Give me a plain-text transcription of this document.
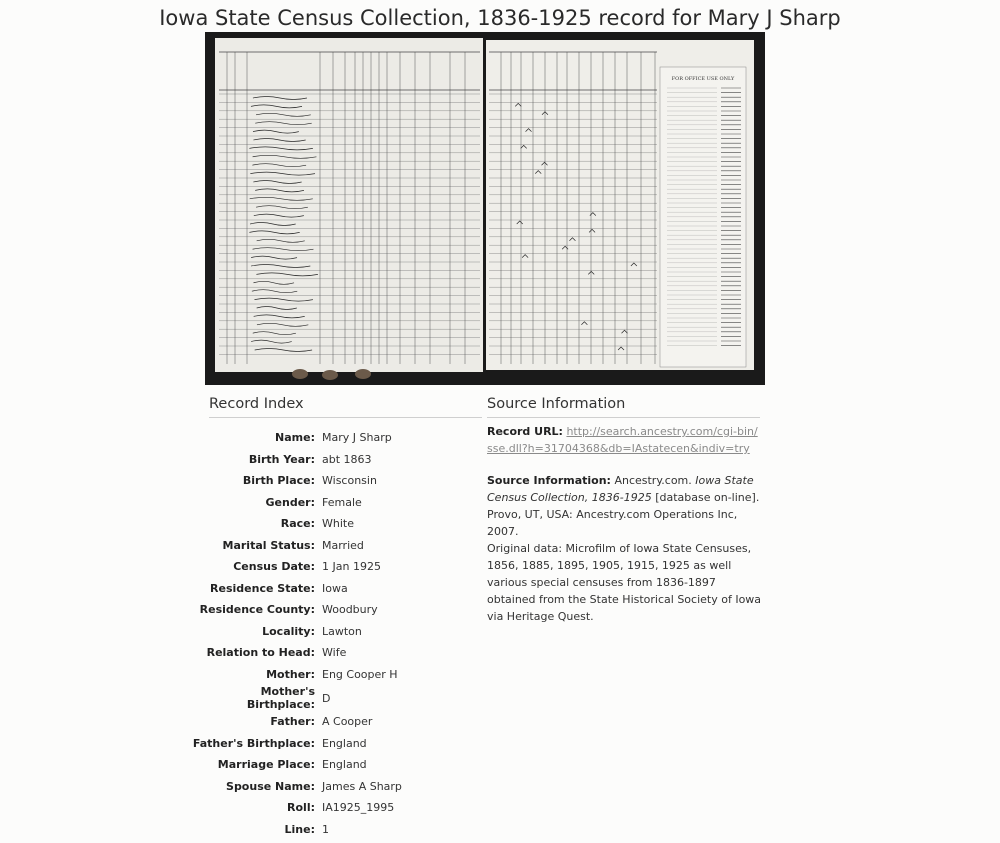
Iowa State Census Collection, 1836-1925 record for Mary J Sharp
FOR OFFICE USE ONLY
Record Index	Source Information
Name:	Mary J Sharp
Birth Year:	abt 1863
Birth Place:	Wisconsin
Gender:	Female
Race:	White
Marital Status:	Married
Census Date:	1 Jan 1925
Residence State:	Iowa
Residence County:	Woodbury
Locality:	Lawton
Relation to Head:	Wife
Mother:	Eng Cooper H
Mother's Birthplace:	D
Father:	A Cooper
Father's Birthplace:	England
Marriage Place:	England
Spouse Name:	James A Sharp
Roll:	IA1925_1995
Line:	1
Record URL: http://search.ancestry.com/cgi-bin/sse.dll?h=31704368&db=IAstatecen&indiv=try
Source Information: Ancestry.com. Iowa State Census Collection, 1836-1925 [database on-line]. Provo, UT, USA: Ancestry.com Operations Inc, 2007.
Original data: Microfilm of Iowa State Censuses, 1856, 1885, 1895, 1905, 1915, 1925 as well various special censuses from 1836-1897 obtained from the State Historical Society of Iowa via Heritage Quest.
